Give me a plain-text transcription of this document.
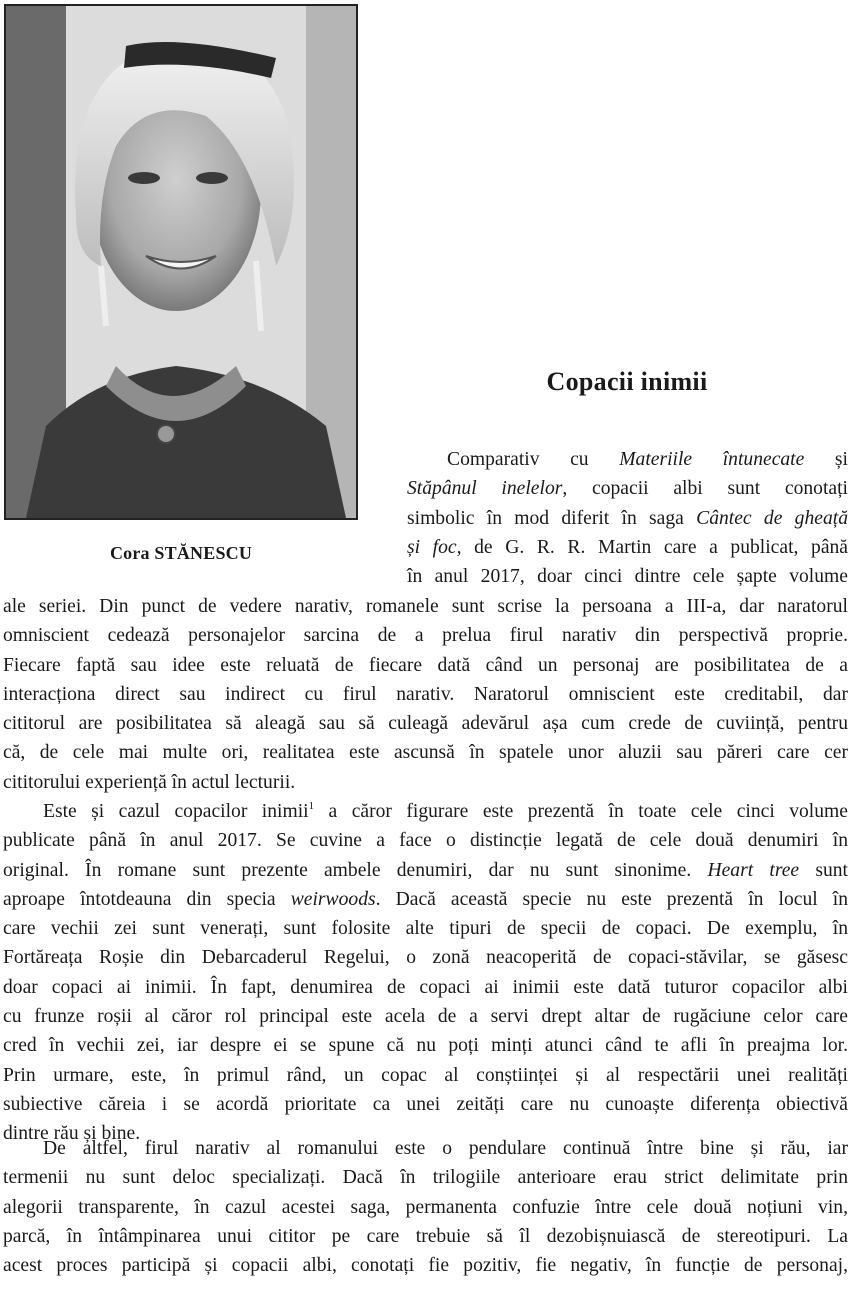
Cora STĂNESCU
Copacii inimii

Comparativ cu Materiile întunecate și
Stăpânul inelelor, copacii albi sunt conotați
simbolic în mod diferit în saga Cântec de gheață
și foc, de G. R. R. Martin care a publicat, până
în anul 2017, doar cinci dintre cele șapte volume

ale seriei. Din punct de vedere narativ, romanele sunt scrise la persoana a III-a, dar naratorul
omniscient cedează personajelor sarcina de a prelua firul narativ din perspectivă proprie.
Fiecare faptă sau idee este reluată de fiecare dată când un personaj are posibilitatea de a
interacționa direct sau indirect cu firul narativ. Naratorul omniscient este creditabil, dar
cititorul are posibilitatea să aleagă sau să culeagă adevărul așa cum crede de cuviință, pentru
că, de cele mai multe ori, realitatea este ascunsă în spatele unor aluzii sau păreri care cer
cititorului experiență în actul lecturii.

Este și cazul copacilor inimii$^1$ a căror figurare este prezentă în toate cele cinci volume
publicate până în anul 2017. Se cuvine a face o distincție legată de cele două denumiri în
original. În romane sunt prezente ambele denumiri, dar nu sunt sinonime. Heart tree sunt
aproape întotdeauna din specia weirwoods. Dacă această specie nu este prezentă în locul în
care vechii zei sunt venerați, sunt folosite alte tipuri de specii de copaci. De exemplu, în
Fortăreața Roșie din Debarcaderul Regelui, o zonă neacoperită de copaci-stăvilar, se găsesc
doar copaci ai inimii. În fapt, denumirea de copaci ai inimii este dată tuturor copacilor albi
cu frunze roșii al căror rol principal este acela de a servi drept altar de rugăciune celor care
cred în vechii zei, iar despre ei se spune că nu poți minți atunci când te afli în preajma lor.
Prin urmare, este, în primul rând, un copac al conștiinței și al respectării unei realități
subiective căreia i se acordă prioritate ca unei zeități care nu cunoaște diferența obiectivă
dintre rău și bine.

De altfel, firul narativ al romanului este o pendulare continuă între bine și rău, iar
termenii nu sunt deloc specializați. Dacă în trilogiile anterioare erau strict delimitate prin
alegorii transparente, în cazul acestei saga, permanenta confuzie între cele două noțiuni vin,
parcă, în întâmpinarea unui cititor pe care trebuie să îl dezobișnuiască de stereotipuri. La
acest proces participă și copacii albi, conotați fie pozitiv, fie negativ, în funcție de personaj,
